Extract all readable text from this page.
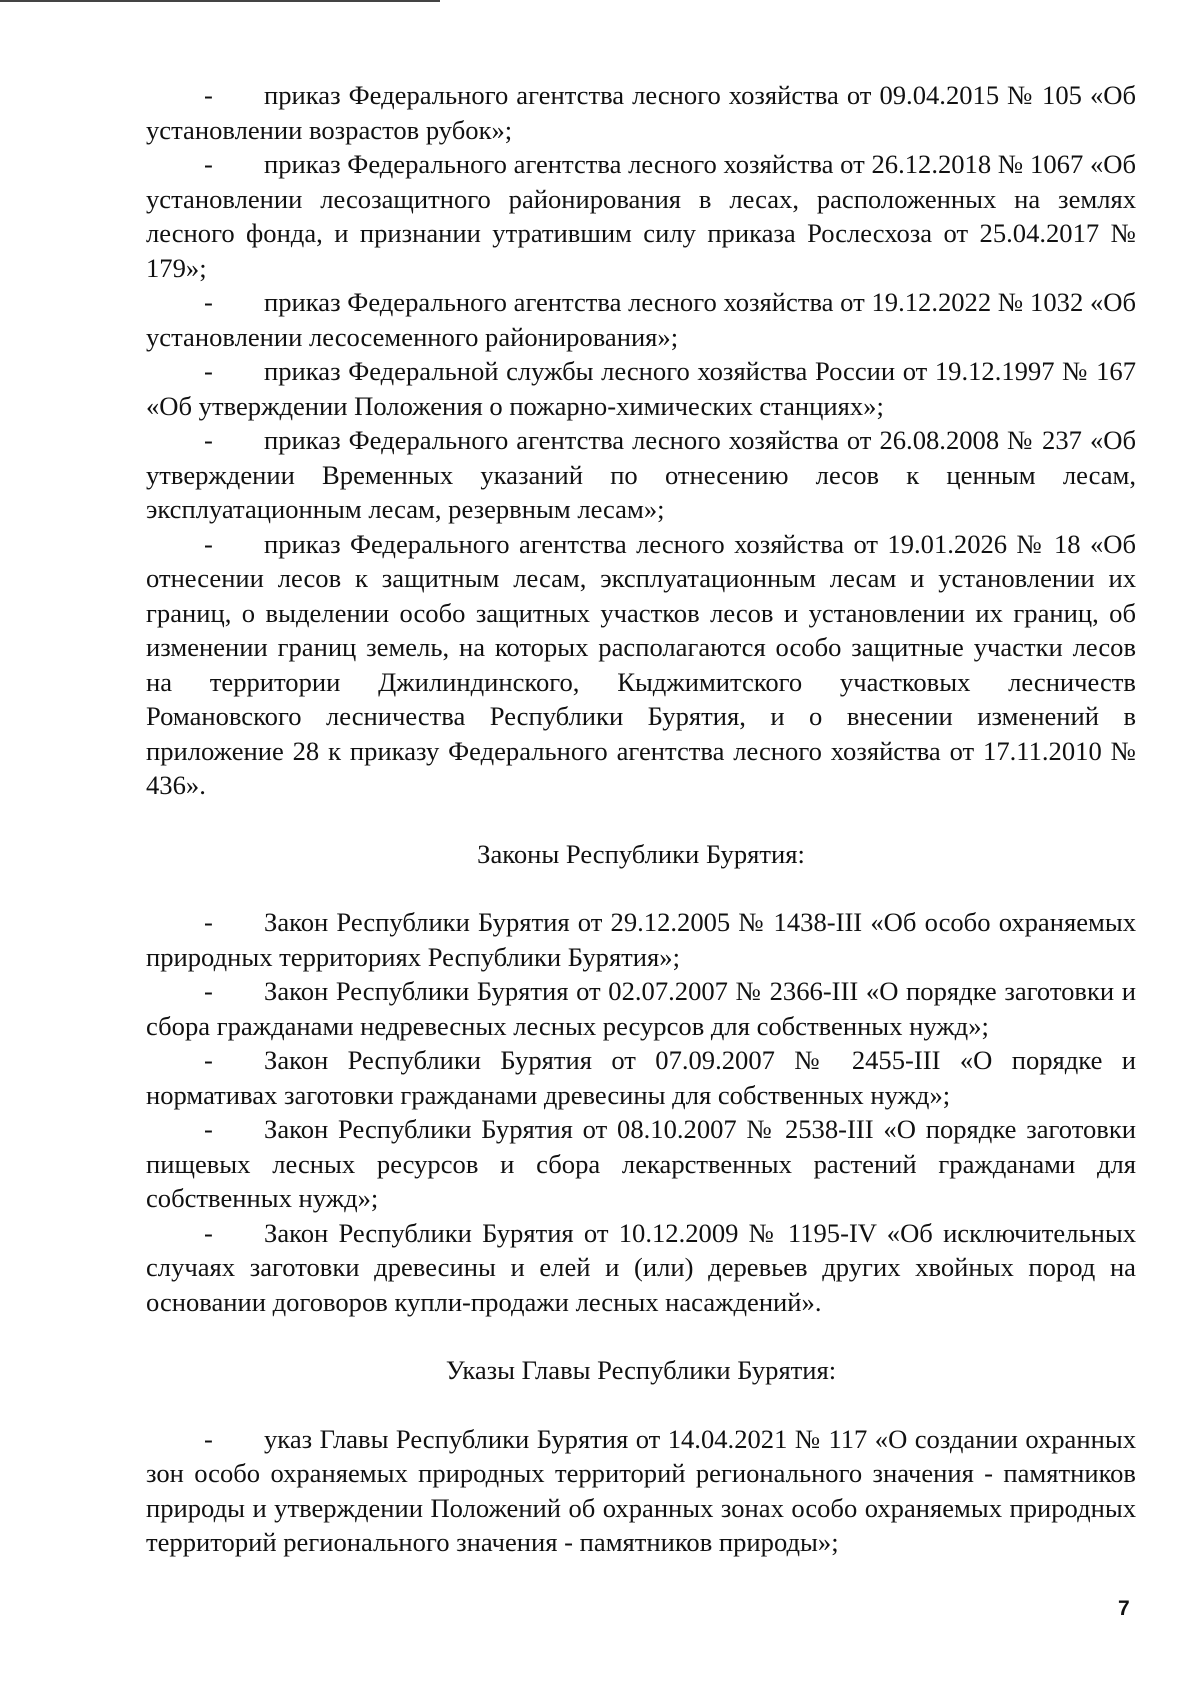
- приказ Федерального агентства лесного хозяйства от 09.04.2015 № 105 «Об установлении возрастов рубок»;
- приказ Федерального агентства лесного хозяйства от 26.12.2018 № 1067 «Об установлении лесозащитного районирования в лесах, расположенных на землях лесного фонда, и признании утратившим силу приказа Рослесхоза от 25.04.2017 № 179»;
- приказ Федерального агентства лесного хозяйства от 19.12.2022 № 1032 «Об установлении лесосеменного районирования»;
- приказ Федеральной службы лесного хозяйства России от 19.12.1997 № 167 «Об утверждении Положения о пожарно-химических станциях»;
- приказ Федерального агентства лесного хозяйства от 26.08.2008 № 237 «Об утверждении Временных указаний по отнесению лесов к ценным лесам, эксплуатационным лесам, резервным лесам»;
- приказ Федерального агентства лесного хозяйства от 19.01.2026 № 18 «Об отнесении лесов к защитным лесам, эксплуатационным лесам и установлении их границ, о выделении особо защитных участков лесов и установлении их границ, об изменении границ земель, на которых располагаются особо защитные участки лесов на территории Джилиндинского, Кыджимитского участковых лесничеств Романовского лесничества Республики Бурятия, и о внесении изменений в приложение 28 к приказу Федерального агентства лесного хозяйства от 17.11.2010 № 436».
Законы Республики Бурятия:
- Закон Республики Бурятия от 29.12.2005 № 1438-III «Об особо охраняемых природных территориях Республики Бурятия»;
- Закон Республики Бурятия от 02.07.2007 № 2366-III «О порядке заготовки и сбора гражданами недревесных лесных ресурсов для собственных нужд»;
- Закон Республики Бурятия от 07.09.2007 № 2455-III «О порядке и нормативах заготовки гражданами древесины для собственных нужд»;
- Закон Республики Бурятия от 08.10.2007 № 2538-III «О порядке заготовки пищевых лесных ресурсов и сбора лекарственных растений гражданами для собственных нужд»;
- Закон Республики Бурятия от 10.12.2009 № 1195-IV «Об исключительных случаях заготовки древесины и елей и (или) деревьев других хвойных пород на основании договоров купли-продажи лесных насаждений».
Указы Главы Республики Бурятия:
- указ Главы Республики Бурятия от 14.04.2021 № 117 «О создании охранных зон особо охраняемых природных территорий регионального значения - памятников природы и утверждении Положений об охранных зонах особо охраняемых природных территорий регионального значения - памятников природы»;
7
